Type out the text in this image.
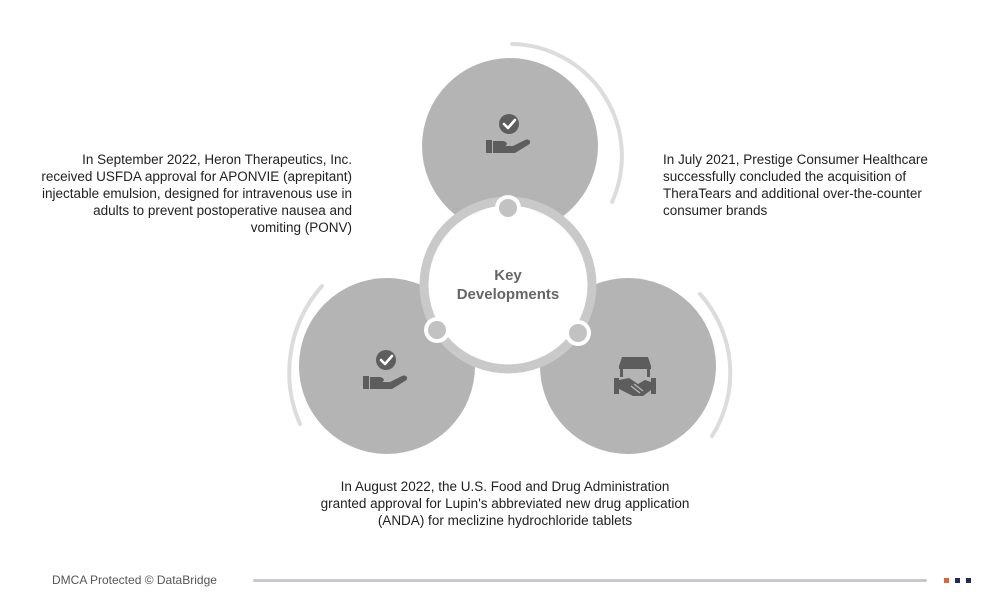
Key
Developments

In September 2022, Heron Therapeutics, Inc. received USFDA approval for APONVIE (aprepitant) injectable emulsion, designed for intravenous use in adults to prevent postoperative nausea and vomiting (PONV)

In July 2021, Prestige Consumer Healthcare successfully concluded the acquisition of TheraTears and additional over-the-counter consumer brands

In August 2022, the U.S. Food and Drug Administration granted approval for Lupin's abbreviated new drug application (ANDA) for meclizine hydrochloride tablets

DMCA Protected © DataBridge
